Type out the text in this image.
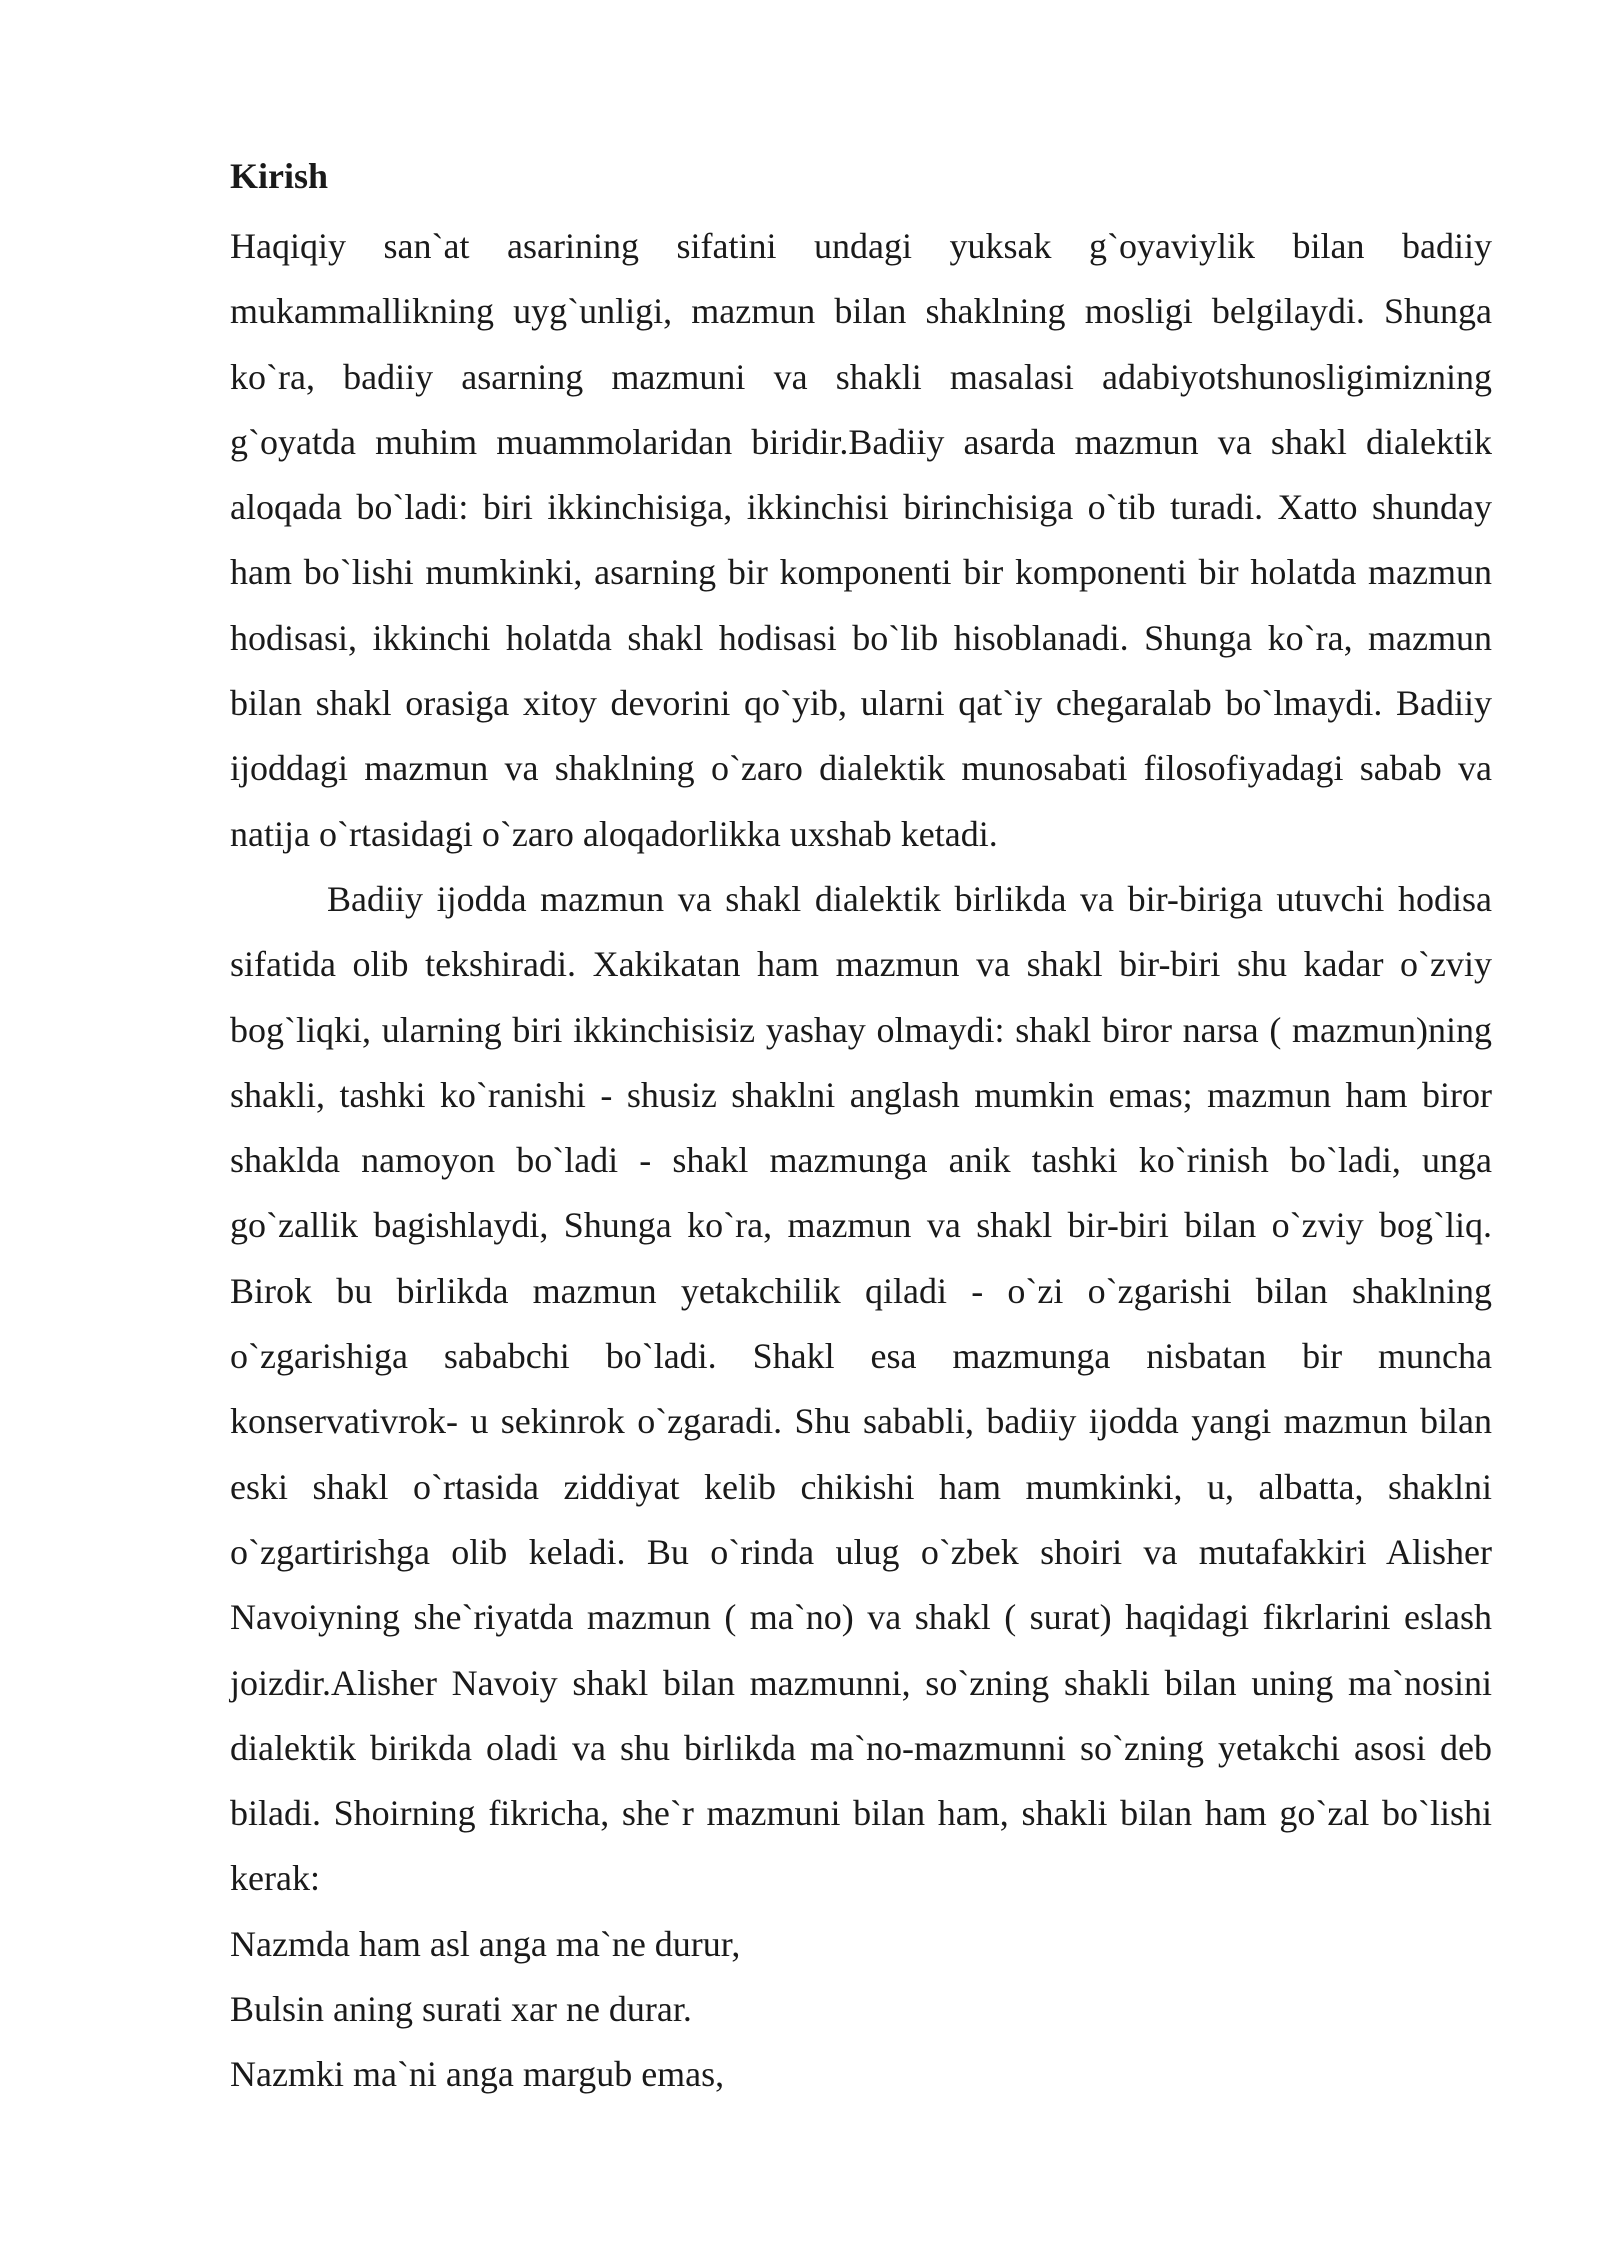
Kirish

Haqiqiy san`at asarining sifatini undagi yuksak g`oyaviylik bilan badiiy mukammallikning uyg`unligi, mazmun bilan shaklning mosligi belgilaydi. Shunga ko`ra, badiiy asarning mazmuni va shakli masalasi adabiyotshunosligimizning g`oyatda muhim muammolaridan biridir.Badiiy asarda mazmun va shakl dialektik aloqada bo`ladi: biri ikkinchisiga, ikkinchisi birinchisiga o`tib turadi. Xatto shunday ham bo`lishi mumkinki, asarning bir komponenti bir komponenti bir holatda mazmun hodisasi, ikkinchi holatda shakl hodisasi bo`lib hisoblanadi. Shunga ko`ra, mazmun bilan shakl orasiga xitoy devorini qo`yib, ularni qat`iy chegaralab bo`lmaydi. Badiiy ijoddagi mazmun va shaklning o`zaro dialektik munosabati filosofiyadagi sabab va natija o`rtasidagi o`zaro aloqadorlikka uxshab ketadi.

Badiiy ijodda mazmun va shakl dialektik birlikda va bir-biriga utuvchi hodisa sifatida olib tekshiradi. Xakikatan ham mazmun va shakl bir-biri shu kadar o`zviy bog`liqki, ularning biri ikkinchisisiz yashay olmaydi: shakl biror narsa ( mazmun)ning shakli, tashki ko`ranishi - shusiz shaklni anglash mumkin emas; mazmun ham biror shaklda namoyon bo`ladi - shakl mazmunga anik tashki ko`rinish bo`ladi, unga go`zallik bagishlaydi, Shunga ko`ra, mazmun va shakl bir-biri bilan o`zviy bog`liq. Birok bu birlikda mazmun yetakchilik qiladi - o`zi o`zgarishi bilan shaklning o`zgarishiga sababchi bo`ladi. Shakl esa mazmunga nisbatan bir muncha konservativrok- u sekinrok o`zgaradi. Shu sababli, badiiy ijodda yangi mazmun bilan eski shakl o`rtasida ziddiyat kelib chikishi ham mumkinki, u, albatta, shaklni o`zgartirishga olib keladi. Bu o`rinda ulug o`zbek shoiri va mutafakkiri Alisher Navoiyning she`riyatda mazmun ( ma`no) va shakl ( surat) haqidagi fikrlarini eslash joizdir.Alisher Navoiy shakl bilan mazmunni, so`zning shakli bilan uning ma`nosini dialektik birikda oladi va shu birlikda ma`no-mazmunni so`zning yetakchi asosi deb biladi. Shoirning fikricha, she`r mazmuni bilan ham, shakli bilan ham go`zal bo`lishi kerak:

Nazmda ham asl anga ma`ne durur,

Bulsin aning surati xar ne durar.

Nazmki ma`ni anga margub emas,
